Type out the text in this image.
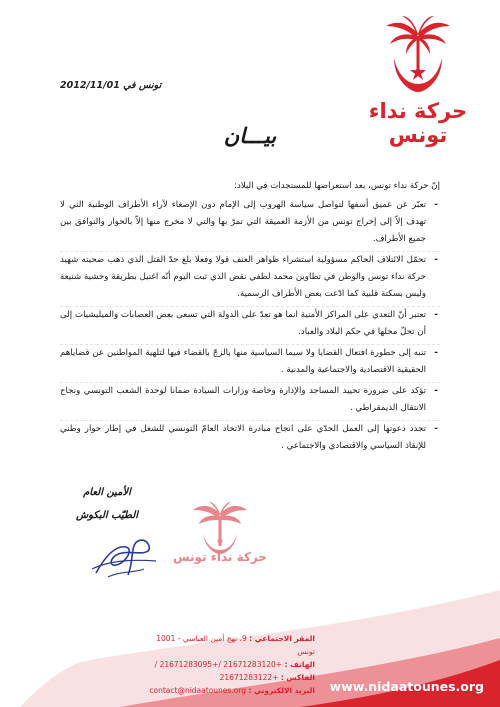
حركة نداء تونس
تونس في 2012/11/01
بيـــان

إنّ حركة نداء تونس، بعد استعراضها للمستجدات في البلاد:

- تعبّر عن عميق أسفها لتواصل سياسة الهروب إلى الإمام دون الإصغاء لآراء الأطراف الوطنية التي لا تهدف إلاّ إلى إخراج تونس من الأزمة العميقة التي تمرّ بها والتي لا مخرج منها إلاّ بالحوار والتوافق بين جميع الأطراف.
- تحمّل الائتلاف الحاكم مسؤولية استشراء ظواهر العنف قولا وفعلا بلغ حدّ القتل الذي ذهب ضحيته شهيد حركة نداء تونس والوطن في تطاوين محمد لطفي نقض الذي ثبت اليوم أنّه اغتيل بطريقة وحشية شنيعة وليس بسكتة قلبية كما ادّعت بعض الأطراف الرسمية.
- تعتبر أنّ التعدي على المراكز الأمنية انما هو تعدّ على الدولة التي تسعى بعض العصابات والميليشيات إلى أن تحلّ محلها في حكم البلاد والعباد.
- تنبه إلى خطورة افتعال القضايا ولا سيما السياسية منها بالزجّ بالقضاء فيها لتلهية المواطنين عن قضاياهم الحقيقية الاقتصادية والاجتماعية والمدنية .
- تؤكد على ضرورة تحييد المساجد والإدارة وخاصة وزارات السيادة ضمانا لوحدة الشعب التونسي ونجاح الانتقال الديمقراطي .
- تجدد دعوتها إلى العمل الجدّي على انجاح مبادرة الاتحاد العامّ التونسي للشغل في إطار حوار وطني للإنقاذ السياسي والاقتصادي والاجتماعي .
الأمين العام
الطيّب البكوش
حركة نداء تونس
المقر الاجتماعي : 9، نهج أمين العباسي - 1001 تونس
الهاتف : +21671283120 /+21671283095 / الفاكس : +21671283122
البريد الالكتروني : contact@nidaatounes.org	www.nidaatounes.org
